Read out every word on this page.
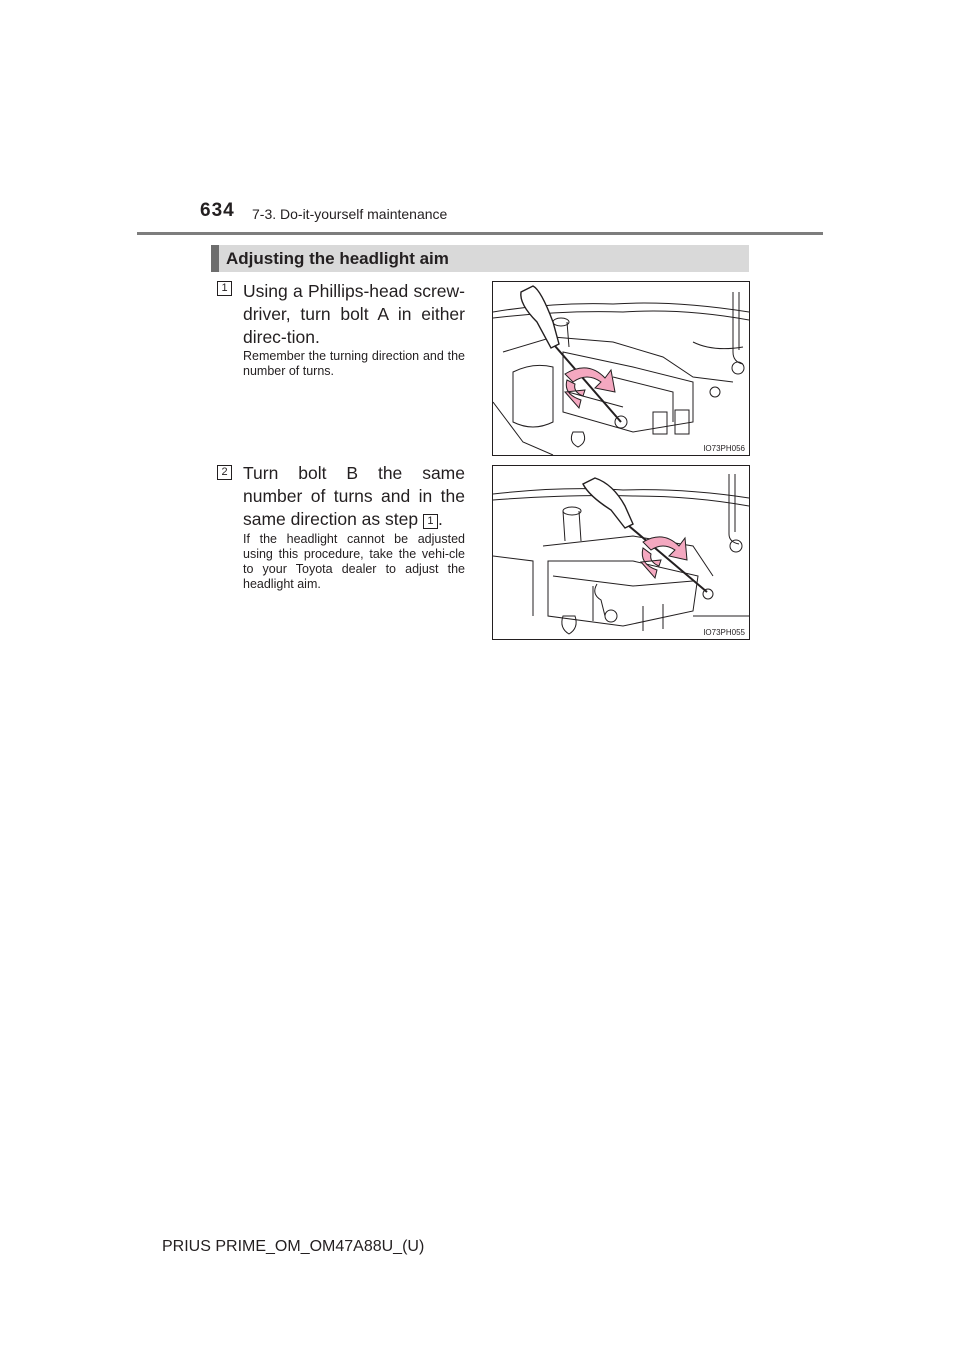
634 7-3. Do-it-yourself maintenance
Adjusting the headlight aim
1 Using a Phillips-head screw-driver, turn bolt A in either direc-tion.
Remember the turning direction and the number of turns.
IO73PH056
2 Turn bolt B the same number of turns and in the same direction as step 1 .
If the headlight cannot be adjusted using this procedure, take the vehi-cle to your Toyota dealer to adjust the headlight aim.
IO73PH055
PRIUS PRIME_OM_OM47A88U_(U)
